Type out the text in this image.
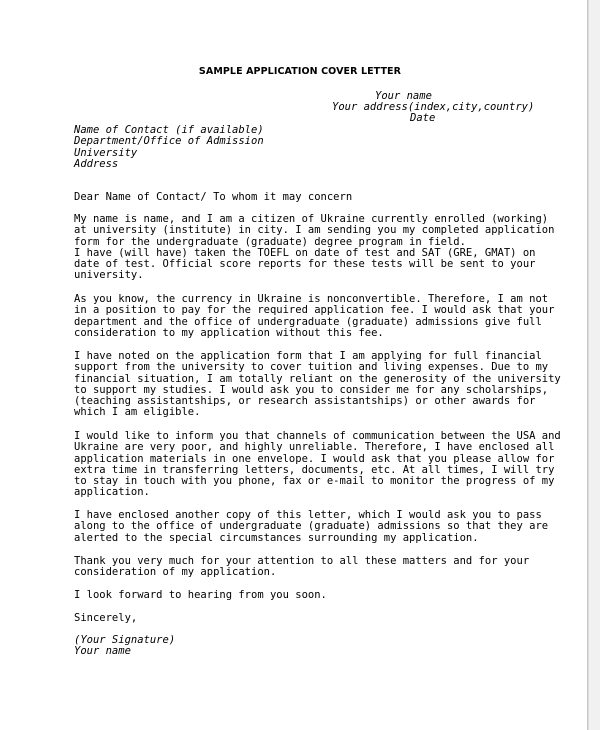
SAMPLE APPLICATION COVER LETTER
Your name
Your address(index,city,country)
Date
Name of Contact (if available)
Department/Office of Admission
University
Address
Dear Name of Contact/ To whom it may concern
My name is name, and I am a citizen of Ukraine currently enrolled (working)
at university (institute) in city. I am sending you my completed application
form for the undergraduate (graduate) degree program in field.
I have (will have) taken the TOEFL on date of test and SAT (GRE, GMAT) on
date of test. Official score reports for these tests will be sent to your
university.
As you know, the currency in Ukraine is nonconvertible. Therefore, I am not
in a position to pay for the required application fee. I would ask that your
department and the office of undergraduate (graduate) admissions give full
consideration to my application without this fee.
I have noted on the application form that I am applying for full financial
support from the university to cover tuition and living expenses. Due to my
financial situation, I am totally reliant on the generosity of the university
to support my studies. I would ask you to consider me for any scholarships,
(teaching assistantships, or research assistantships) or other awards for
which I am eligible.
I would like to inform you that channels of communication between the USA and
Ukraine are very poor, and highly unreliable. Therefore, I have enclosed all
application materials in one envelope. I would ask that you please allow for
extra time in transferring letters, documents, etc. At all times, I will try
to stay in touch with you phone, fax or e-mail to monitor the progress of my
application.
I have enclosed another copy of this letter, which I would ask you to pass
along to the office of undergraduate (graduate) admissions so that they are
alerted to the special circumstances surrounding my application.
Thank you very much for your attention to all these matters and for your
consideration of my application.
I look forward to hearing from you soon.
Sincerely,
(Your Signature)
Your name
